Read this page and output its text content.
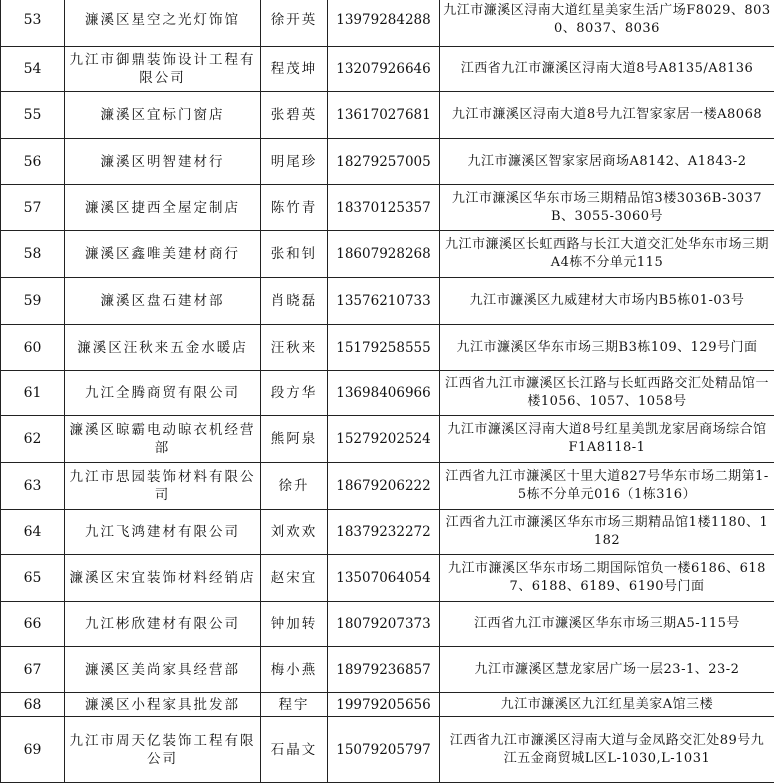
53	濂溪区星空之光灯饰馆	徐开英	13979284288	九江市濂溪区浔南大道红星美家生活广场F8029、8030、8037、8036
54	九江市御鼎装饰设计工程有限公司	程茂坤	13207926646	江西省九江市濂溪区浔南大道8号A8135/A8136
55	濂溪区宜标门窗店	张碧英	13617027681	九江市濂溪区浔南大道8号九江智家家居一楼A8068
56	濂溪区明智建材行	明尾珍	18279257005	九江市濂溪区智家家居商场A8142、A1843-2
57	濂溪区捷西全屋定制店	陈竹青	18370125357	九江市濂溪区华东市场三期精品馆3楼3036B-3037B、3055-3060号
58	濂溪区鑫唯美建材商行	张和钊	18607928268	九江市濂溪区长虹西路与长江大道交汇处华东市场三期A4栋不分单元115
59	濂溪区盘石建材部	肖晓磊	13576210733	九江市濂溪区九威建材大市场内B5栋01-03号
60	濂溪区汪秋来五金水暖店	汪秋来	15179258555	九江市濂溪区华东市场三期B3栋109、129号门面
61	九江全腾商贸有限公司	段方华	13698406966	江西省九江市濂溪区长江路与长虹西路交汇处精品馆一楼1056、1057、1058号
62	濂溪区晾霸电动晾衣机经营部	熊阿泉	15279202524	九江市濂溪区浔南大道8号红星美凯龙家居商场综合馆F1A8118-1
63	九江市思园装饰材料有限公司	徐升	18679206222	江西省九江市濂溪区十里大道827号华东市场二期第1-5栋不分单元016（1栋316）
64	九江飞鸿建材有限公司	刘欢欢	18379232272	江西省九江市濂溪区华东市场三期精品馆1楼1180、1182
65	濂溪区宋宜装饰材料经销店	赵宋宜	13507064054	九江市濂溪区华东市场二期国际馆负一楼6186、6187、6188、6189、6190号门面
66	九江彬欣建材有限公司	钟加转	18079207373	江西省九江市濂溪区华东市场三期A5-115号
67	濂溪区美尚家具经营部	梅小燕	18979236857	九江市濂溪区慧龙家居广场一层23-1、23-2
68	濂溪区小程家具批发部	程宇	19979205656	九江市濂溪区九江红星美家A馆三楼
69	九江市周天亿装饰工程有限公司	石晶文	15079205797	江西省九江市濂溪区浔南大道与金凤路交汇处89号九江五金商贸城L区L-1030,L-1031
